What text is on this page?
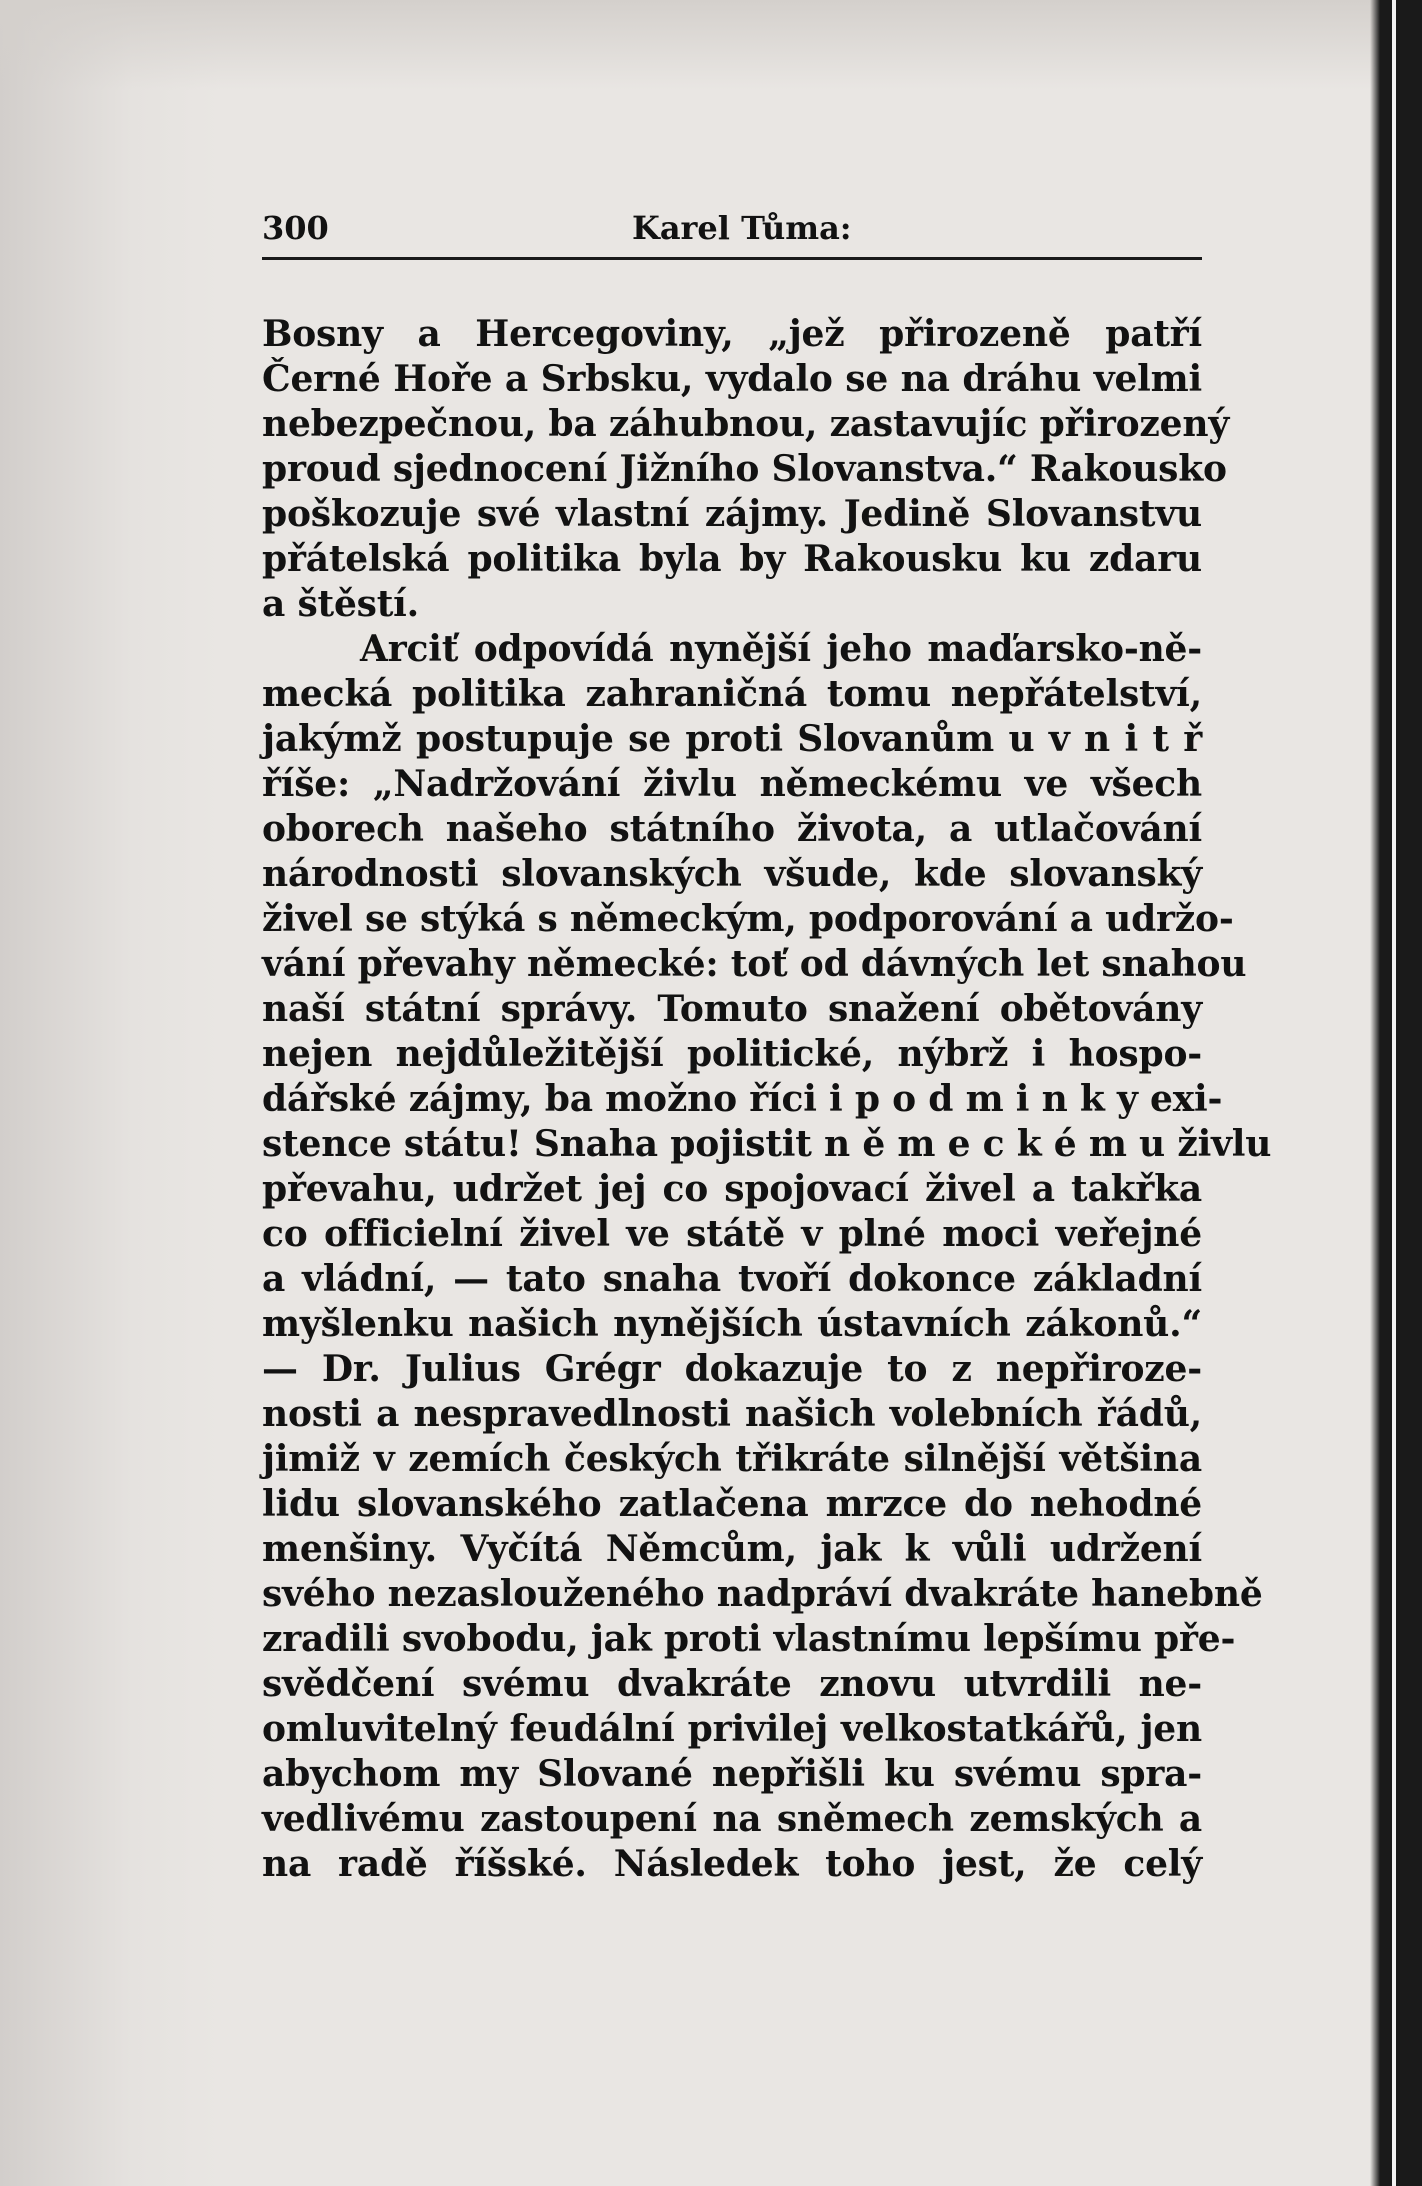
300	Karel Tůma:
Bosny a Hercegoviny, „jež přirozeně patří
Černé Hoře a Srbsku, vydalo se na dráhu velmi
nebezpečnou, ba záhubnou, zastavujíc přirozený
proud sjednocení Jižního Slovanstva.“ Rakousko
poškozuje své vlastní zájmy. Jedině Slovanstvu
přátelská politika byla by Rakousku ku zdaru
a štěstí.
Arciť odpovídá nynější jeho maďarsko-ně-
mecká politika zahraničná tomu nepřátelství,
jakýmž postupuje se proti Slovanům u v n i t ř
říše: „Nadržování živlu německému ve všech
oborech našeho státního života, a utlačování
národnosti slovanských všude, kde slovanský
živel se stýká s německým, podporování a udržo-
vání převahy německé: toť od dávných let snahou
naší státní správy. Tomuto snažení obětovány
nejen nejdůležitější politické, nýbrž i hospo-
dářské zájmy, ba možno říci i p o d m i n k y exi-
stence státu! Snaha pojistit n ě m e c k é m u živlu
převahu, udržet jej co spojovací živel a takřka
co officielní živel ve státě v plné moci veřejné
a vládní, — tato snaha tvoří dokonce základní
myšlenku našich nynějších ústavních zákonů.“
— Dr. Julius Grégr dokazuje to z nepřiroze-
nosti a nespravedlnosti našich volebních řádů,
jimiž v zemích českých třikráte silnější většina
lidu slovanského zatlačena mrzce do nehodné
menšiny. Vyčítá Němcům, jak k vůli udržení
svého nezaslouženého nadpráví dvakráte hanebně
zradili svobodu, jak proti vlastnímu lepšímu pře-
svědčení svému dvakráte znovu utvrdili ne-
omluvitelný feudální privilej velkostatkářů, jen
abychom my Slované nepřišli ku svému spra-
vedlivému zastoupení na sněmech zemských a
na radě říšské. Následek toho jest, že celý
